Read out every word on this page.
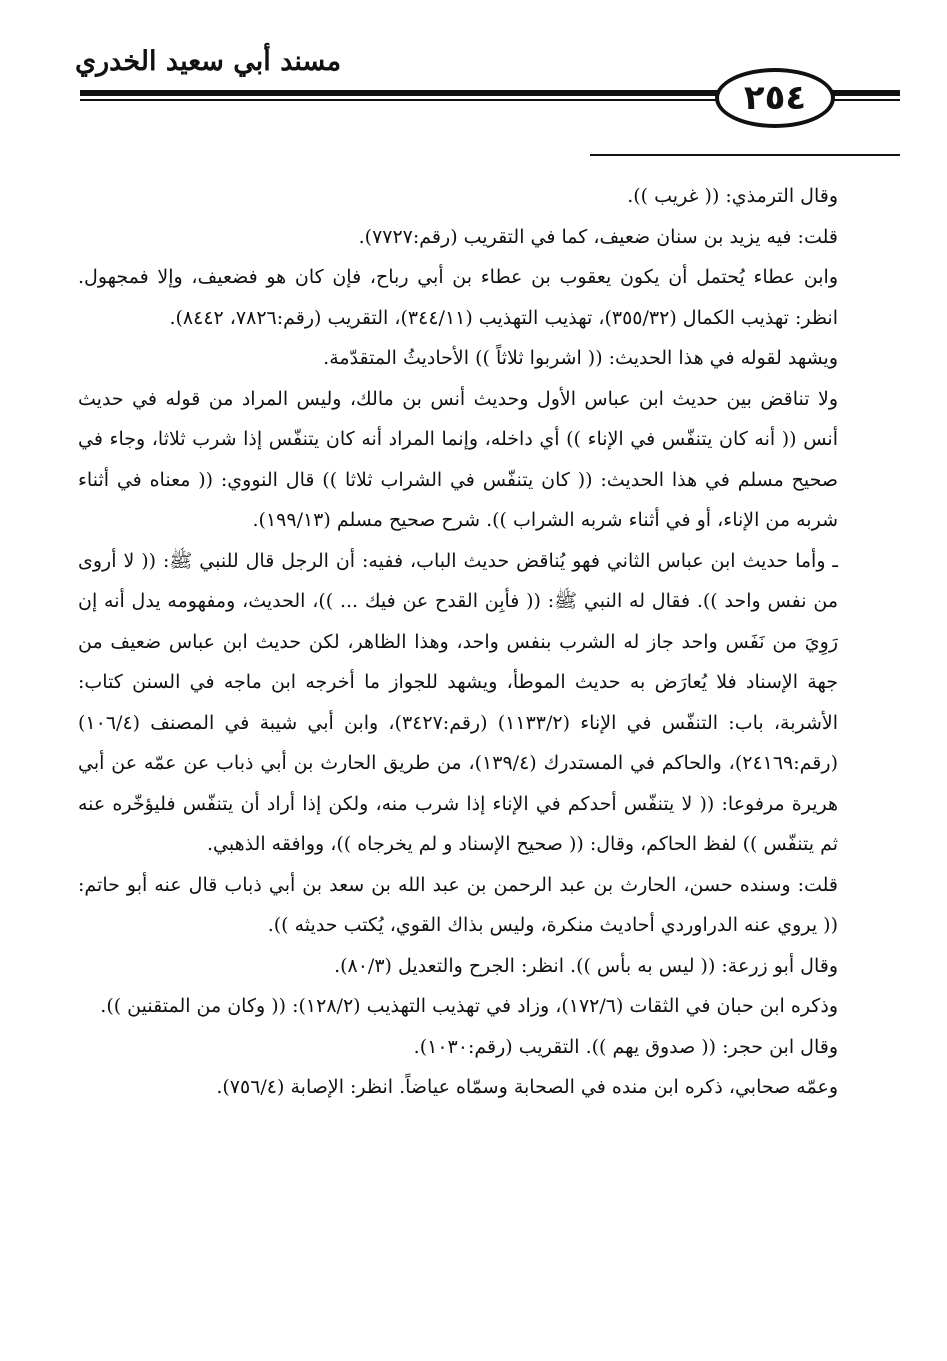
مسند أبي سعيد الخدري
٢٥٤

وقال الترمذي: (( غريب )).

قلت: فيه يزيد بن سنان ضعيف، كما في التقريب (رقم:٧٧٢٧).

وابن عطاء يُحتمل أن يكون يعقوب بن عطاء بن أبي رباح، فإن كان هو فضعيف، وإلا فمجهول. انظر: تهذيب الكمال (٣٥٥/٣٢)، تهذيب التهذيب (٣٤٤/١١)، التقريب (رقم:٧٨٢٦، ٨٤٤٢).

ويشهد لقوله في هذا الحديث: (( اشربوا ثلاثاً )) الأحاديثُ المتقدّمة.

ولا تناقض بين حديث ابن عباس الأول وحديث أنس بن مالك، وليس المراد من قوله في حديث أنس (( أنه كان يتنفّس في الإناء )) أي داخله، وإنما المراد أنه كان يتنفّس إذا شرب ثلاثا، وجاء في صحيح مسلم في هذا الحديث: (( كان يتنفّس في الشراب ثلاثا )) قال النووي: (( معناه في أثناء شربه من الإناء، أو في أثناء شربه الشراب )). شرح صحيح مسلم (١٩٩/١٣).

ـ وأما حديث ابن عباس الثاني فهو يُناقض حديث الباب، ففيه: أن الرجل قال للنبي ﷺ: (( لا أروى من نفس واحد )). فقال له النبي ﷺ: (( فأبِن القدح عن فيك ... ))، الحديث، ومفهومه يدل أنه إن رَوِيَ من نَفَس واحد جاز له الشرب بنفس واحد، وهذا الظاهر، لكن حديث ابن عباس ضعيف من جهة الإسناد فلا يُعارَض به حديث الموطأ، ويشهد للجواز ما أخرجه ابن ماجه في السنن كتاب: الأشربة، باب: التنفّس في الإناء (١١٣٣/٢) (رقم:٣٤٢٧)، وابن أبي شيبة في المصنف (١٠٦/٤) (رقم:٢٤١٦٩)، والحاكم في المستدرك (١٣٩/٤)، من طريق الحارث بن أبي ذباب عن عمّه عن أبي هريرة مرفوعا: (( لا يتنفّس أحدكم في الإناء إذا شرب منه، ولكن إذا أراد أن يتنفّس فليؤخّره عنه ثم يتنفّس )) لفظ الحاكم، وقال: (( صحيح الإسناد و لم يخرجاه ))، ووافقه الذهبي.

قلت: وسنده حسن، الحارث بن عبد الرحمن بن عبد الله بن سعد بن أبي ذباب قال عنه أبو حاتم: (( يروي عنه الدراوردي أحاديث منكرة، وليس بذاك القوي، يُكتب حديثه )).

وقال أبو زرعة: (( ليس به بأس )). انظر: الجرح والتعديل (٨٠/٣).

وذكره ابن حبان في الثقات (١٧٢/٦)، وزاد في تهذيب التهذيب (١٢٨/٢): (( وكان من المتقنين )).

وقال ابن حجر: (( صدوق يهم )). التقريب (رقم:١٠٣٠).

وعمّه صحابي، ذكره ابن منده في الصحابة وسمّاه عياضاً. انظر: الإصابة (٧٥٦/٤).
